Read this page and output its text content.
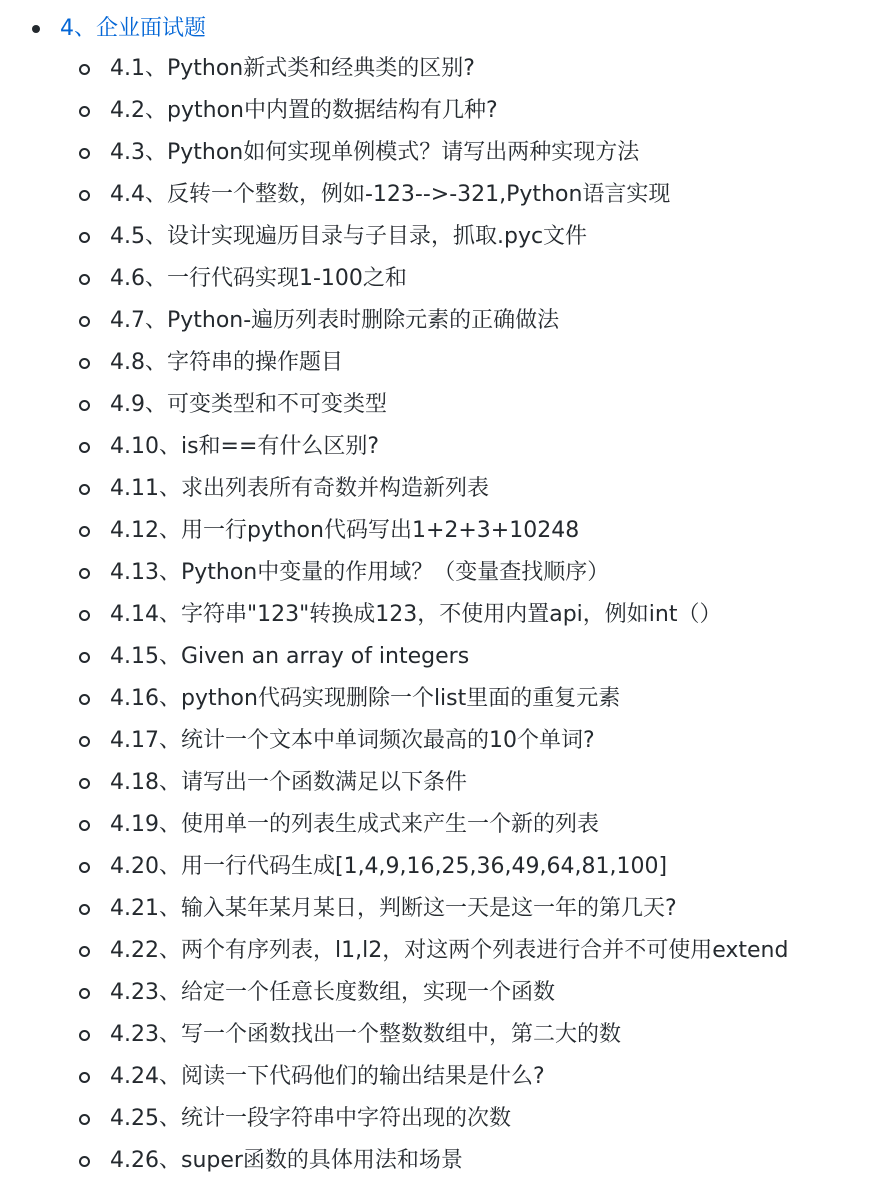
4、企业面试题
4.1、Python新式类和经典类的区别?
4.2、python中内置的数据结构有几种?
4.3、Python如何实现单例模式？请写出两种实现方法
4.4、反转一个整数，例如-123-->-321,Python语言实现
4.5、设计实现遍历目录与子目录，抓取.pyc文件
4.6、一行代码实现1-100之和
4.7、Python-遍历列表时删除元素的正确做法
4.8、字符串的操作题目
4.9、可变类型和不可变类型
4.10、is和==有什么区别?
4.11、求出列表所有奇数并构造新列表
4.12、用一行python代码写出1+2+3+10248
4.13、Python中变量的作用域？（变量查找顺序）
4.14、字符串"123"转换成123，不使用内置api，例如int（）
4.15、Given an array of integers
4.16、python代码实现删除一个list里面的重复元素
4.17、统计一个文本中单词频次最高的10个单词?
4.18、请写出一个函数满足以下条件
4.19、使用单一的列表生成式来产生一个新的列表
4.20、用一行代码生成[1,4,9,16,25,36,49,64,81,100]
4.21、输入某年某月某日，判断这一天是这一年的第几天?
4.22、两个有序列表，l1,l2，对这两个列表进行合并不可使用extend
4.23、给定一个任意长度数组，实现一个函数
4.23、写一个函数找出一个整数数组中，第二大的数
4.24、阅读一下代码他们的输出结果是什么?
4.25、统计一段字符串中字符出现的次数
4.26、super函数的具体用法和场景
